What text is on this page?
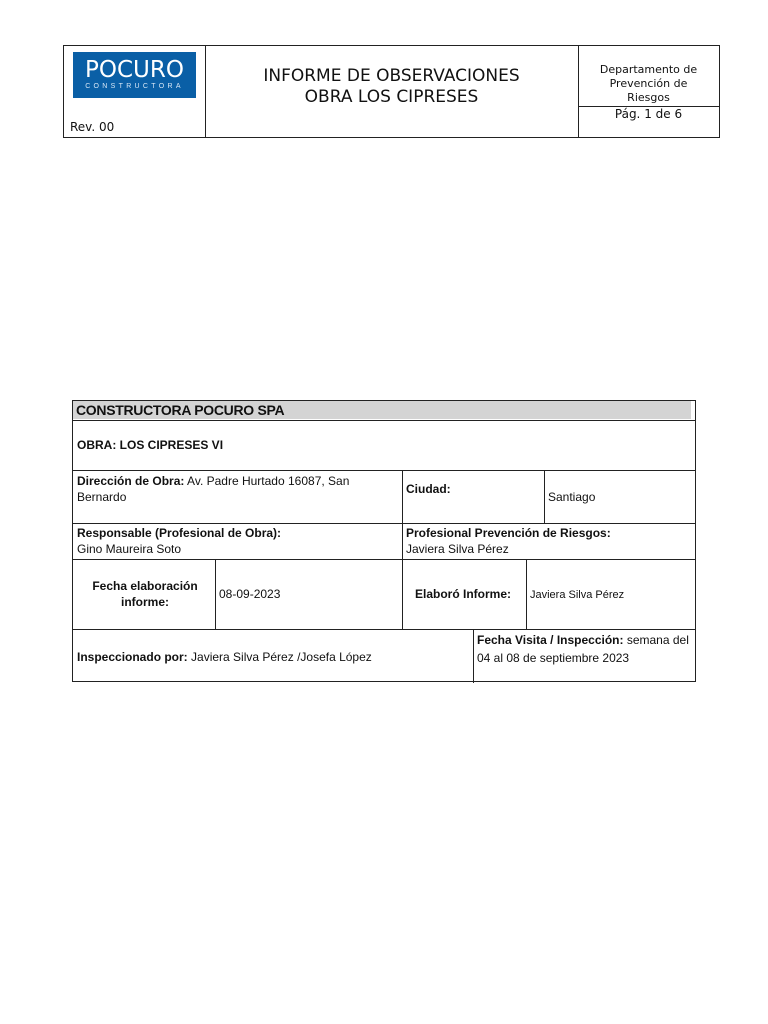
POCURO
CONSTRUCTORA
Rev. 00
INFORME DE OBSERVACIONES
OBRA LOS CIPRESES
Departamento de
Prevención de
Riesgos
Pág. 1 de 6
CONSTRUCTORA POCURO SPA
OBRA: LOS CIPRESES VI
Dirección de Obra: Av. Padre Hurtado 16087, San
Bernardo
Ciudad:
Santiago
Responsable (Profesional de Obra):
Gino Maureira Soto
Profesional Prevención de Riesgos:
Javiera Silva Pérez
Fecha elaboración
informe:
08-09-2023	Elaboró Informe: Javiera Silva Pérez
Inspeccionado por: Javiera Silva Pérez /Josefa López
Fecha Visita / Inspección: semana del
04 al 08 de septiembre 2023
